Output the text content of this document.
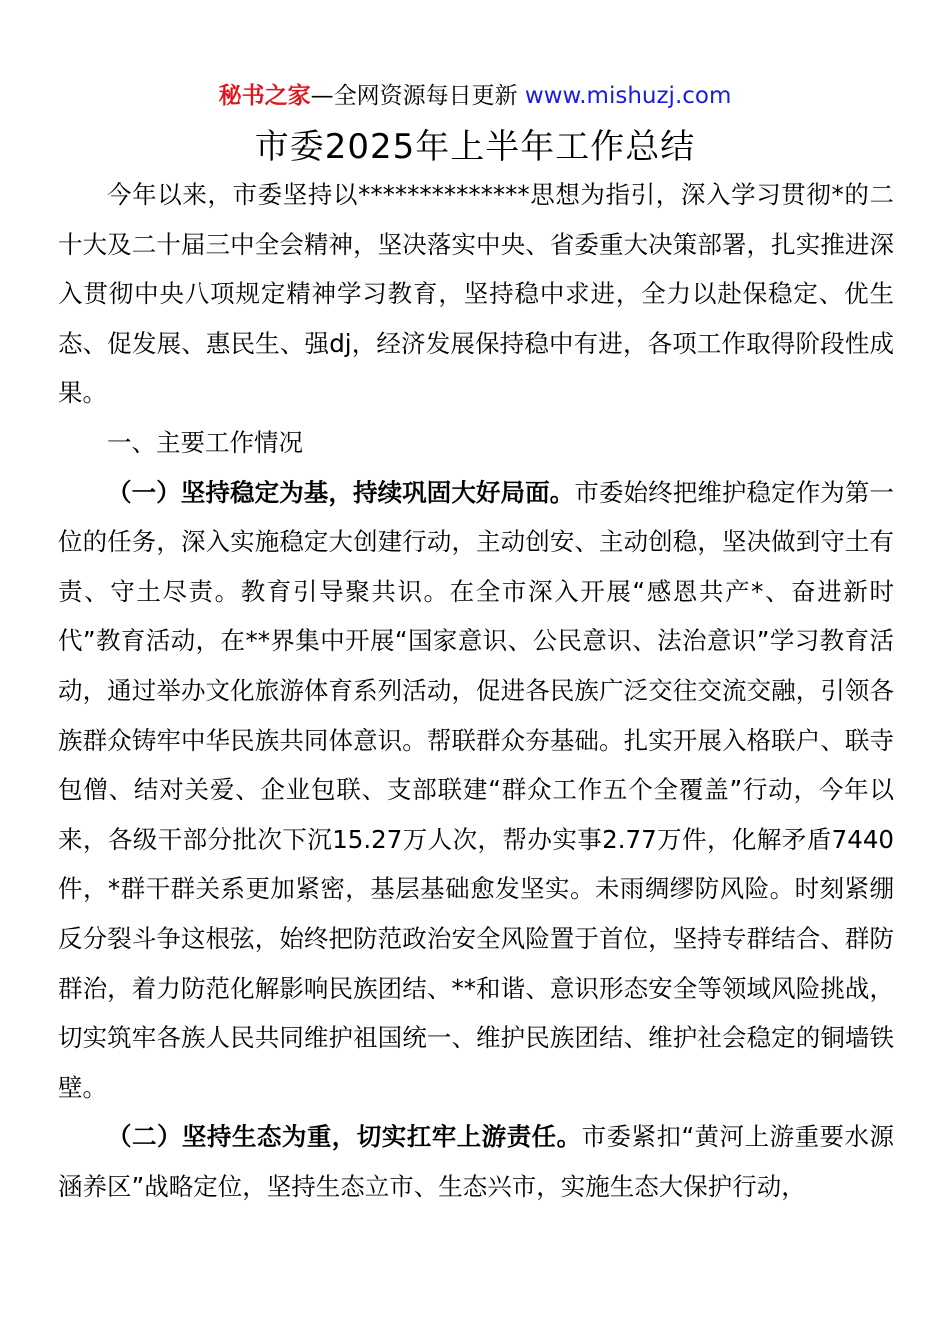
秘书之家—全网资源每日更新 www.mishuzj.com
市委2025年上半年工作总结

今年以来，市委坚持以**************思想为指引，深入学习贯彻*的二十大及二十届三中全会精神，坚决落实中央、省委重大决策部署，扎实推进深入贯彻中央八项规定精神学习教育，坚持稳中求进，全力以赴保稳定、优生态、促发展、惠民生、强dj，经济发展保持稳中有进，各项工作取得阶段性成果。

一、主要工作情况

（一）坚持稳定为基，持续巩固大好局面。市委始终把维护稳定作为第一位的任务，深入实施稳定大创建行动，主动创安、主动创稳，坚决做到守土有责、守土尽责。教育引导聚共识。在全市深入开展“感恩共产*、奋进新时代”教育活动，在**界集中开展“国家意识、公民意识、法治意识”学习教育活动，通过举办文化旅游体育系列活动，促进各民族广泛交往交流交融，引领各族群众铸牢中华民族共同体意识。帮联群众夯基础。扎实开展入格联户、联寺包僧、结对关爱、企业包联、支部联建“群众工作五个全覆盖”行动，今年以来，各级干部分批次下沉15.27万人次，帮办实事2.77万件，化解矛盾7440件，*群干群关系更加紧密，基层基础愈发坚实。未雨绸缪防风险。时刻紧绷反分裂斗争这根弦，始终把防范政治安全风险置于首位，坚持专群结合、群防群治，着力防范化解影响民族团结、**和谐、意识形态安全等领域风险挑战，切实筑牢各族人民共同维护祖国统一、维护民族团结、维护社会稳定的铜墙铁壁。

（二）坚持生态为重，切实扛牢上游责任。市委紧扣“黄河上游重要水源涵养区”战略定位，坚持生态立市、生态兴市，实施生态大保护行动，
